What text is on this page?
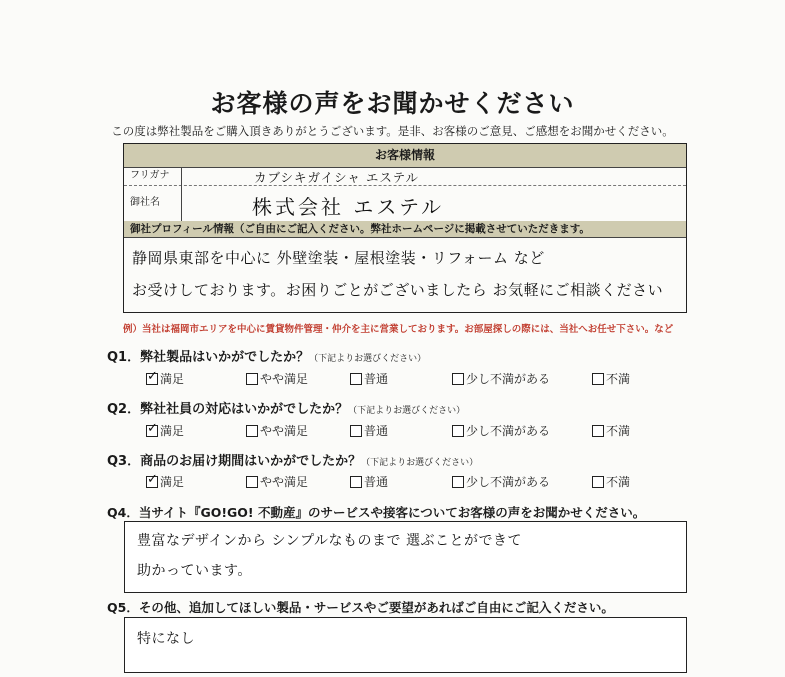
お客様の声をお聞かせください
この度は弊社製品をご購入頂きありがとうございます。是非、お客様のご意見、ご感想をお聞かせください。
お客様情報
フリガナ	カブシキガイシャ エステル
御社名	株式会社 エステル
御社プロフィール情報（ご自由にご記入ください。弊社ホームページに掲載させていただきます。
静岡県東部を中心に 外壁塗装・屋根塗装・リフォーム など
お受けしております。お困りごとがございましたら お気軽にご相談ください
例）当社は福岡市エリアを中心に賃貸物件管理・仲介を主に営業しております。お部屋探しの際には、当社へお任せ下さい。など
Q1．弊社製品はいかがでしたか？（下記よりお選びください）
✓
満足	やや満足	普通	少し不満がある	不満
Q2．弊社社員の対応はいかがでしたか？（下記よりお選びください）
✓
満足	やや満足	普通	少し不満がある	不満
Q3．商品のお届け期間はいかがでしたか？（下記よりお選びください）
✓
満足	やや満足	普通	少し不満がある	不満
Q4．当サイト『GO!GO! 不動産』のサービスや接客についてお客様の声をお聞かせください。
豊富なデザインから シンプルなものまで 選ぶことができて
助かっています。
Q5．その他、追加してほしい製品・サービスやご要望があればご自由にご記入ください。
特になし
